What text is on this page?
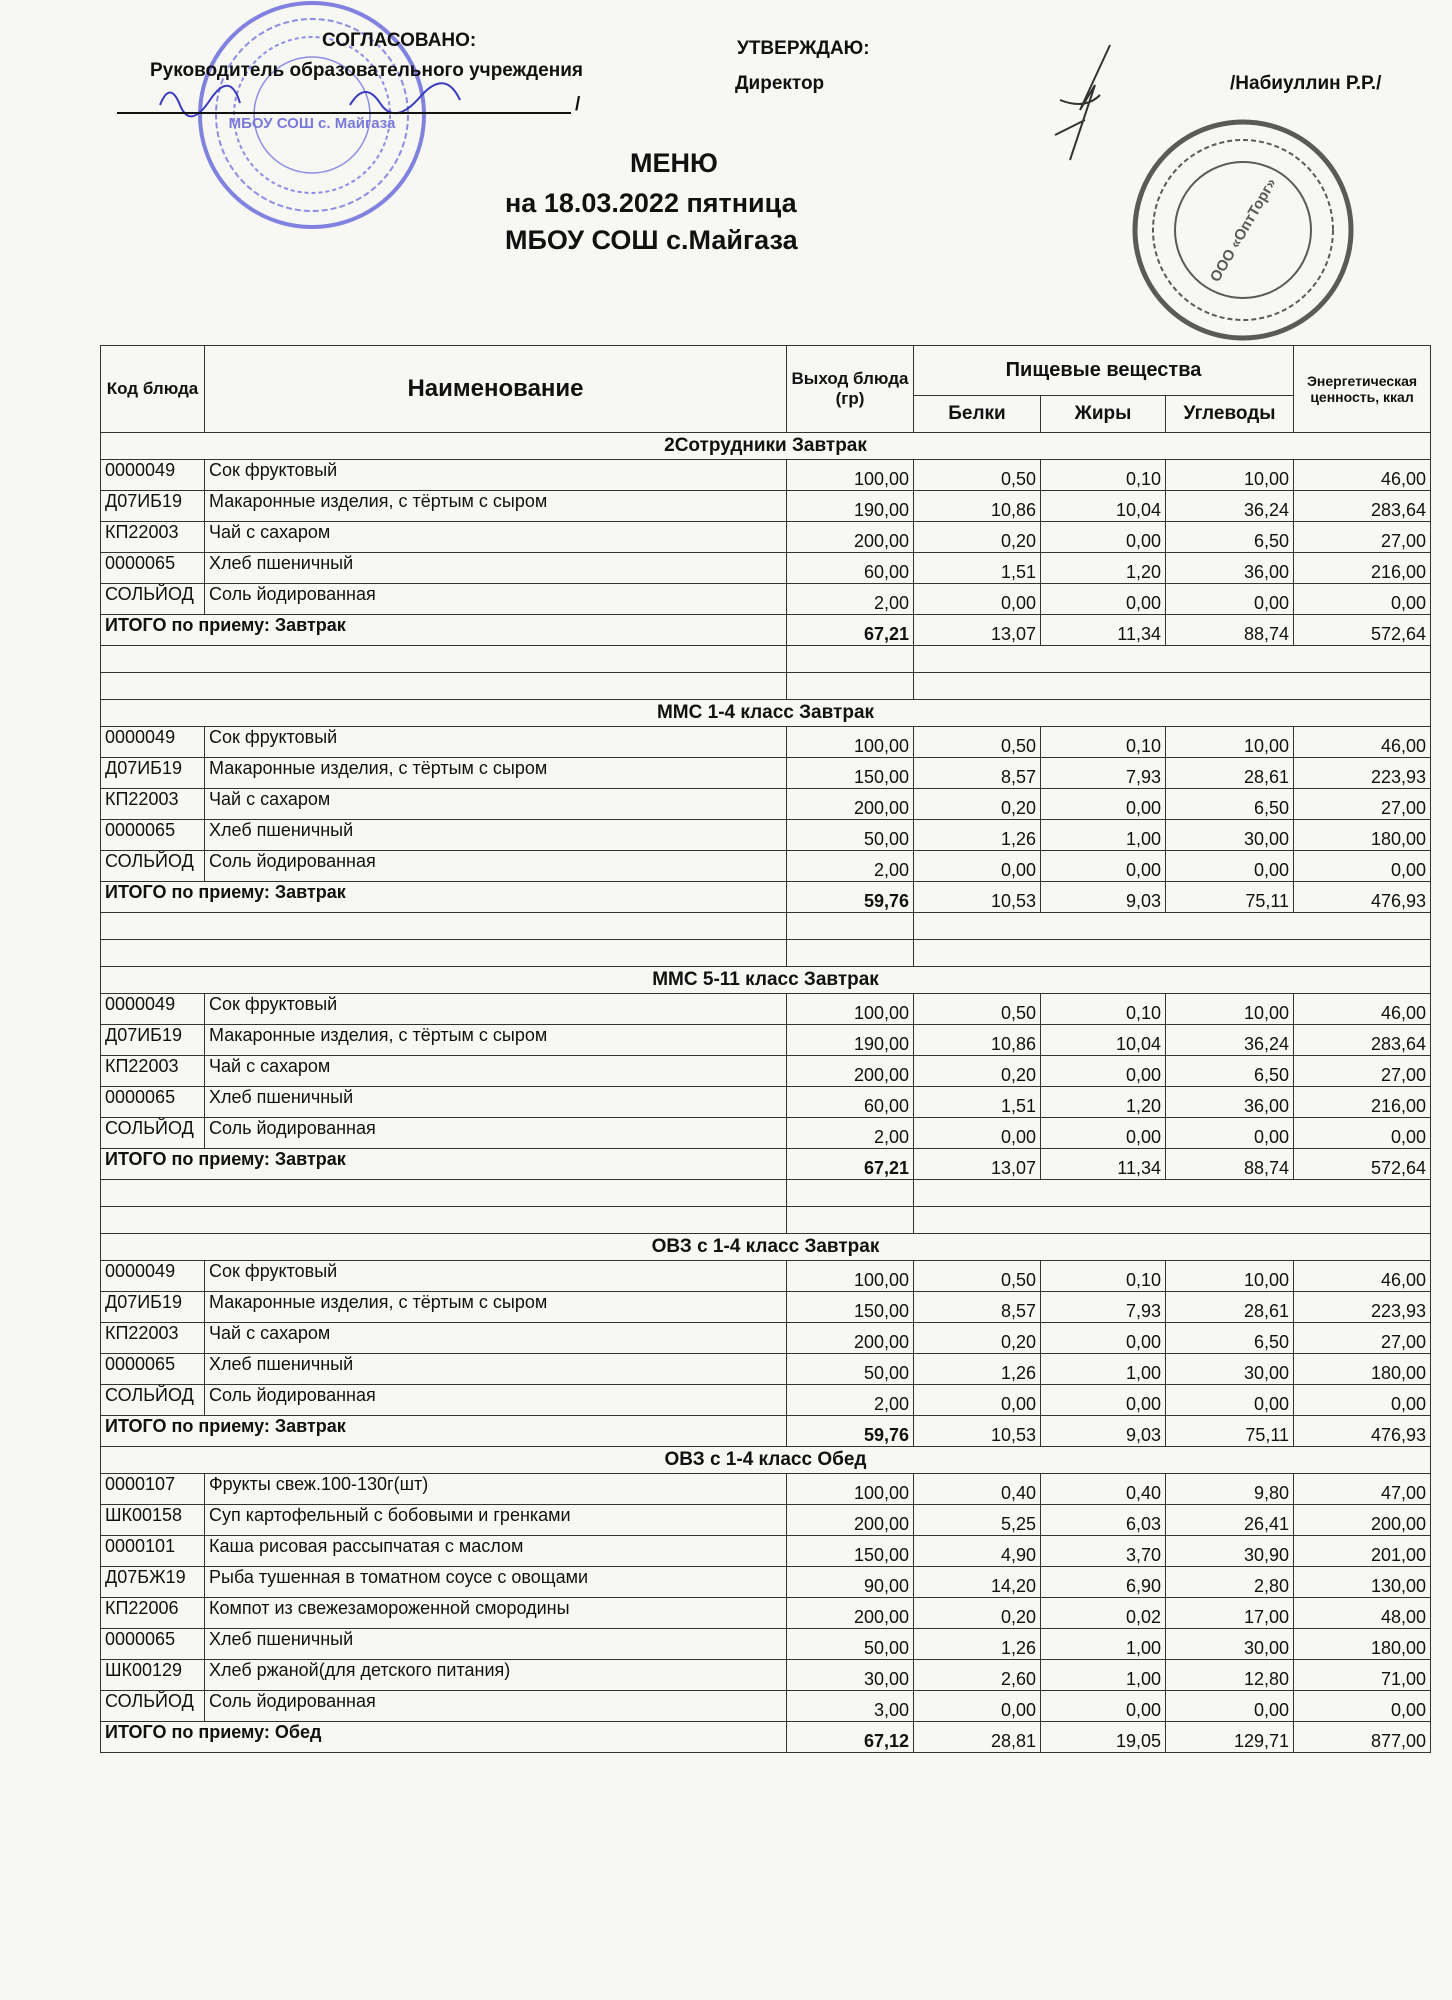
МБОУ СОШ с. Майгаза
ООО «ОптТорг»
СОГЛАСОВАНО:
Руководитель образовательного учреждения
/
УТВЕРЖДАЮ:
Директор	/Набиуллин Р.Р./
МЕНЮ
на 18.03.2022 пятница
МБОУ СОШ с.Майгаза
Код блюда	Наименование	Выход блюда (гр)	Пищевые вещества			Энергетическая ценность, ккал
			Белки	Жиры	Углеводы	
2Сотрудники Завтрак						
0000049	Сок фруктовый	100,00	0,50	0,10	10,00	46,00
Д07ИБ19	Макаронные изделия, с тёртым с сыром	190,00	10,86	10,04	36,24	283,64
КП22003	Чай с сахаром	200,00	0,20	0,00	6,50	27,00
0000065	Хлеб пшеничный	60,00	1,51	1,20	36,00	216,00
СОЛЬЙОД	Соль йодированная	2,00	0,00	0,00	0,00	0,00
ИТОГО по приему: Завтрак		67,21	13,07	11,34	88,74	572,64

ММС 1-4 класс Завтрак						
0000049	Сок фруктовый	100,00	0,50	0,10	10,00	46,00
Д07ИБ19	Макаронные изделия, с тёртым с сыром	150,00	8,57	7,93	28,61	223,93
КП22003	Чай с сахаром	200,00	0,20	0,00	6,50	27,00
0000065	Хлеб пшеничный	50,00	1,26	1,00	30,00	180,00
СОЛЬЙОД	Соль йодированная	2,00	0,00	0,00	0,00	0,00
ИТОГО по приему: Завтрак		59,76	10,53	9,03	75,11	476,93

ММС 5-11 класс Завтрак						
0000049	Сок фруктовый	100,00	0,50	0,10	10,00	46,00
Д07ИБ19	Макаронные изделия, с тёртым с сыром	190,00	10,86	10,04	36,24	283,64
КП22003	Чай с сахаром	200,00	0,20	0,00	6,50	27,00
0000065	Хлеб пшеничный	60,00	1,51	1,20	36,00	216,00
СОЛЬЙОД	Соль йодированная	2,00	0,00	0,00	0,00	0,00
ИТОГО по приему: Завтрак		67,21	13,07	11,34	88,74	572,64

ОВЗ с 1-4 класс Завтрак						
0000049	Сок фруктовый	100,00	0,50	0,10	10,00	46,00
Д07ИБ19	Макаронные изделия, с тёртым с сыром	150,00	8,57	7,93	28,61	223,93
КП22003	Чай с сахаром	200,00	0,20	0,00	6,50	27,00
0000065	Хлеб пшеничный	50,00	1,26	1,00	30,00	180,00
СОЛЬЙОД	Соль йодированная	2,00	0,00	0,00	0,00	0,00
ИТОГО по приему: Завтрак		59,76	10,53	9,03	75,11	476,93
ОВЗ с 1-4 класс Обед						
0000107	Фрукты свеж.100-130г(шт)	100,00	0,40	0,40	9,80	47,00
ШК00158	Суп картофельный с бобовыми и гренками	200,00	5,25	6,03	26,41	200,00
0000101	Каша рисовая рассыпчатая с маслом	150,00	4,90	3,70	30,90	201,00
Д07БЖ19	Рыба тушенная в томатном соусе с овощами	90,00	14,20	6,90	2,80	130,00
КП22006	Компот из свежезамороженной смородины	200,00	0,20	0,02	17,00	48,00
0000065	Хлеб пшеничный	50,00	1,26	1,00	30,00	180,00
ШК00129	Хлеб ржаной(для детского питания)	30,00	2,60	1,00	12,80	71,00
СОЛЬЙОД	Соль йодированная	3,00	0,00	0,00	0,00	0,00
ИТОГО по приему: Обед		67,12	28,81	19,05	129,71	877,00
